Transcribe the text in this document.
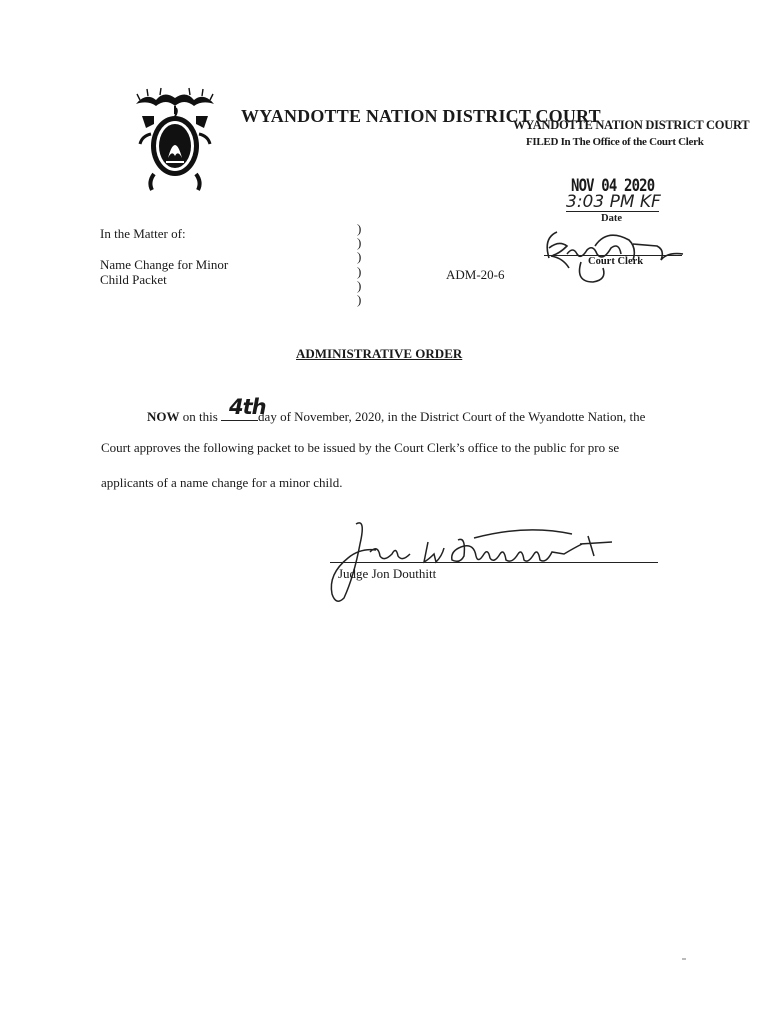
WYANDOTTE NATION DISTRICT COURT
WYANDOTTE NATION DISTRICT COURT
FILED In The Office of the Court Clerk
NOV 04 2020
3:03 PM KF
Date
Court Clerk
In the Matter of:
Name Change for Minor
Child Packet
)
)
)
)
)
)
ADM-20-6
ADMINISTRATIVE ORDER
NOW on this	day of November, 2020, in the District Court of the Wyandotte Nation, the
4th
Court approves the following packet to be issued by the Court Clerk’s office to the public for pro se
applicants of a name change for a minor child.
Judge Jon Douthitt
